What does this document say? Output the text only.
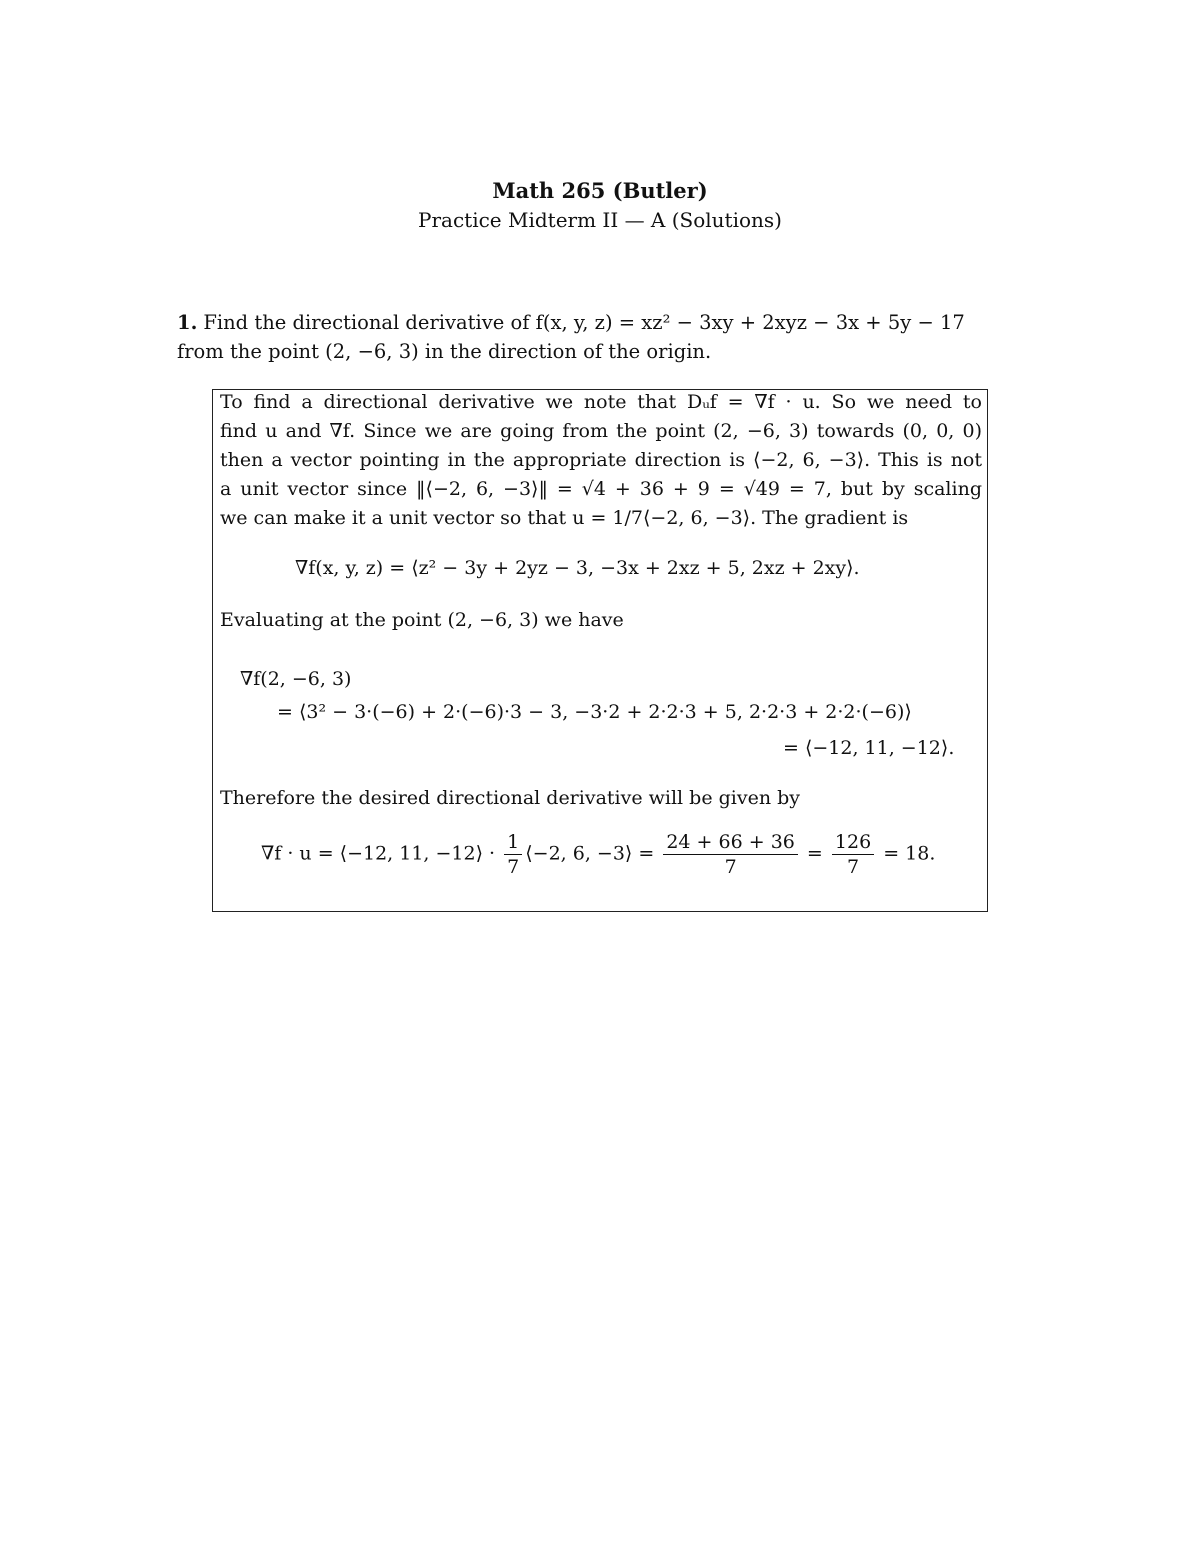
Math 265 (Butler)
Practice Midterm II — A (Solutions)
1. Find the directional derivative of f(x, y, z) = xz² − 3xy + 2xyz − 3x + 5y − 17
from the point (2, −6, 3) in the direction of the origin.
To find a directional derivative we note that Dᵤf = ∇f · u. So we need to
find u and ∇f. Since we are going from the point (2, −6, 3) towards (0, 0, 0)
then a vector pointing in the appropriate direction is ⟨−2, 6, −3⟩. This is not
a unit vector since ‖⟨−2, 6, −3⟩‖ = √4 + 36 + 9 = √49 = 7, but by scaling
we can make it a unit vector so that u = 1/7⟨−2, 6, −3⟩. The gradient is
∇f(x, y, z) = ⟨z² − 3y + 2yz − 3, −3x + 2xz + 5, 2xz + 2xy⟩.
Evaluating at the point (2, −6, 3) we have
∇f(2, −6, 3)
= ⟨3² − 3·(−6) + 2·(−6)·3 − 3, −3·2 + 2·2·3 + 5, 2·2·3 + 2·2·(−6)⟩
= ⟨−12, 11, −12⟩.
Therefore the desired directional derivative will be given by
∇f · u = ⟨−12, 11, −12⟩ · $\frac{1}{7}$ ⟨−2, 6, −3⟩ = $\frac{24 + 66 + 36}{7} = \frac{126}{7} = 18$.
